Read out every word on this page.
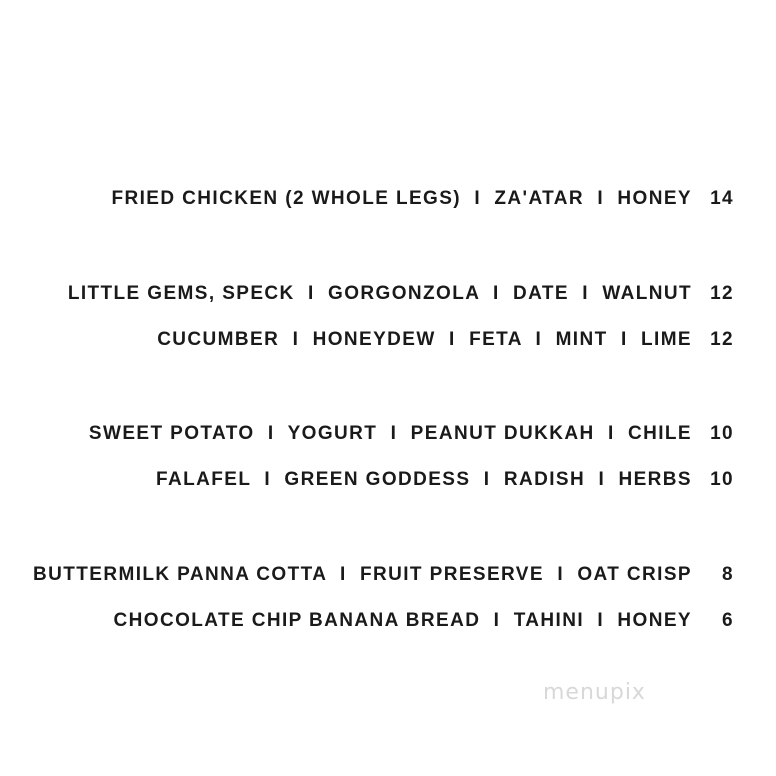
FRIED CHICKEN (2 WHOLE LEGS)  I  ZA'ATAR  I  HONEY 14
LITTLE GEMS, SPECK  I  GORGONZOLA  I  DATE  I  WALNUT 12
CUCUMBER  I  HONEYDEW  I  FETA  I  MINT  I  LIME 12
SWEET POTATO  I  YOGURT  I  PEANUT DUKKAH  I  CHILE 10
FALAFEL  I  GREEN GODDESS  I  RADISH  I  HERBS 10
BUTTERMILK PANNA COTTA  I  FRUIT PRESERVE  I  OAT CRISP	8
CHOCOLATE CHIP BANANA BREAD  I  TAHINI  I  HONEY	6
menupix
